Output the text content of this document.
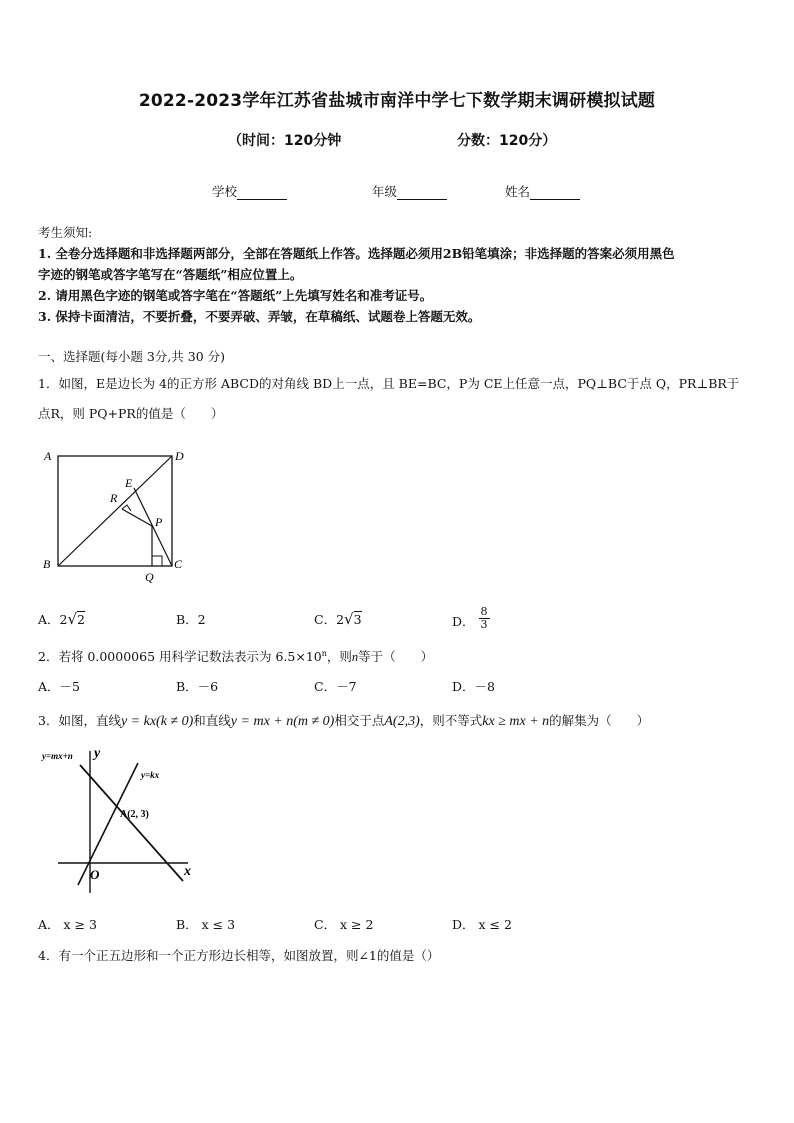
2022-2023学年江苏省盐城市南洋中学七下数学期末调研模拟试题
（时间：120分钟	分数：120分）
学校	年级	姓名
考生须知:
1. 全卷分选择题和非选择题两部分，全部在答题纸上作答。选择题必须用2B铅笔填涂；非选择题的答案必须用黑色
字迹的钢笔或答字笔写在“答题纸”相应位置上。
2. 请用黑色字迹的钢笔或答字笔在“答题纸”上先填写姓名和准考证号。
3. 保持卡面清洁，不要折叠，不要弄破、弄皱，在草稿纸、试题卷上答题无效。
一、选择题(每小题 3分,共 30 分)
1．如图，E是边长为 4的正方形 ABCD的对角线 BD上一点，且 BE=BC，P为 CE上任意一点，PQ⊥BC于点 Q，PR⊥BR于
点R，则 PQ+PR的值是（　　）
A	D
B	C
E
R
P
Q
A．2√2	B．2	C．2√3	D． $\frac{8}{3}$
2．若将 0.0000065 用科学记数法表示为 $6.5\times 10^n$，则n等于（　　）
A．－5	B．－6	C．－7	D．－8
3．如图，直线y = kx(k ≠ 0)和直线y = mx + n(m ≠ 0)相交于点A(2,3)，则不等式kx ≥ mx + n的解集为（　　）
y=mx+n
y=kx
A(2, 3)
y
x
O
A． x ≥ 3	B． x ≤ 3	C． x ≥ 2	D． x ≤ 2
4．有一个正五边形和一个正方形边长相等，如图放置，则∠1的值是（）
